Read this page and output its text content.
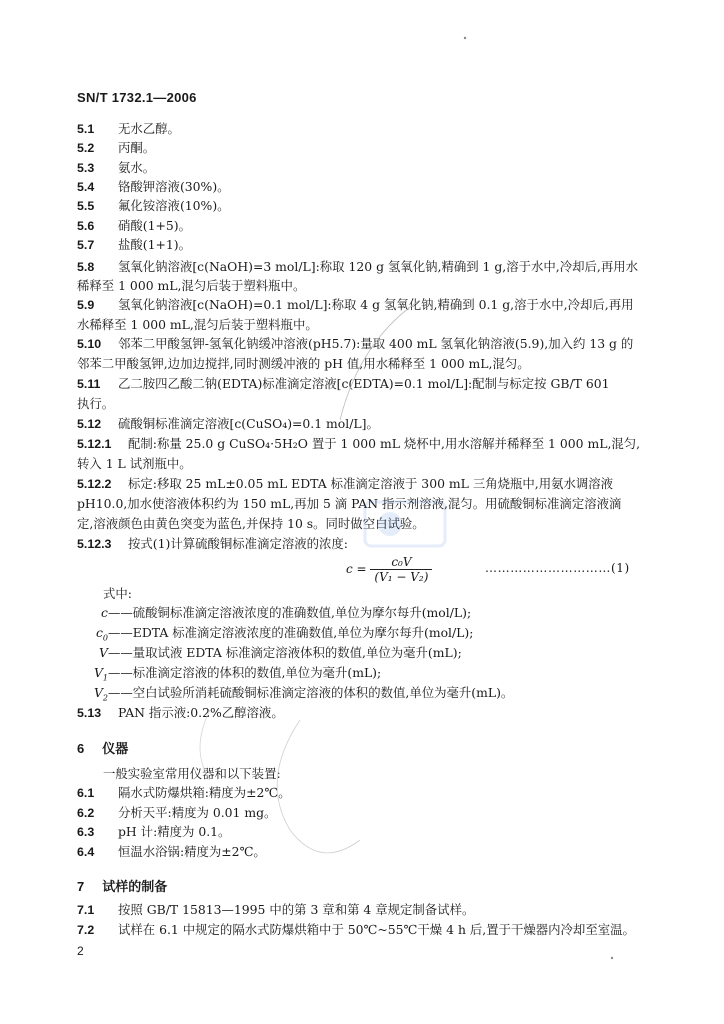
SN/T 1732.1—2006
5.1 无水乙醇。
5.2 丙酮。
5.3 氨水。
5.4 铬酸钾溶液(30%)。
5.5 氟化铵溶液(10%)。
5.6 硝酸(1+5)。
5.7 盐酸(1+1)。
5.8 氢氧化钠溶液[c(NaOH)=3 mol/L]:称取 120 g 氢氧化钠,精确到 1 g,溶于水中,冷却后,再用水
稀释至 1 000 mL,混匀后装于塑料瓶中。
5.9 氢氧化钠溶液[c(NaOH)=0.1 mol/L]:称取 4 g 氢氧化钠,精确到 0.1 g,溶于水中,冷却后,再用
水稀释至 1 000 mL,混匀后装于塑料瓶中。
5.10 邻苯二甲酸氢钾-氢氧化钠缓冲溶液(pH5.7):量取 400 mL 氢氧化钠溶液(5.9),加入约 13 g 的
邻苯二甲酸氢钾,边加边搅拌,同时测缓冲液的 pH 值,用水稀释至 1 000 mL,混匀。
5.11 乙二胺四乙酸二钠(EDTA)标准滴定溶液[c(EDTA)=0.1 mol/L]:配制与标定按 GB/T 601
执行。
5.12 硫酸铜标准滴定溶液[c(CuSO₄)=0.1 mol/L]。
5.12.1 配制:称量 25.0 g CuSO₄·5H₂O 置于 1 000 mL 烧杯中,用水溶解并稀释至 1 000 mL,混匀,
转入 1 L 试剂瓶中。
5.12.2 标定:移取 25 mL±0.05 mL EDTA 标准滴定溶液于 300 mL 三角烧瓶中,用氨水调溶液
pH10.0,加水使溶液体积约为 150 mL,再加 5 滴 PAN 指示剂溶液,混匀。用硫酸铜标准滴定溶液滴
定,溶液颜色由黄色突变为蓝色,并保持 10 s。同时做空白试验。
5.12.3 按式(1)计算硫酸铜标准滴定溶液的浓度:
$c = \frac{\text{c₀V}}{\text{(V₁ − V₂)}}$	…………………………(1)
式中:
c——硫酸铜标准滴定溶液浓度的准确数值,单位为摩尔每升(mol/L);
$c_0——EDTA$ 标准滴定溶液浓度的准确数值,单位为摩尔每升(mol/L);
V——量取试液 EDTA 标准滴定溶液体积的数值,单位为毫升(mL);
$V_1——$标准滴定溶液的体积的数值,单位为毫升(mL);
$V_2——$空白试验所消耗硫酸铜标准滴定溶液的体积的数值,单位为毫升(mL)。
5.13 PAN 指示液:0.2%乙醇溶液。
6 仪器
一般实验室常用仪器和以下装置:
6.1 隔水式防爆烘箱:精度为±2℃。
6.2 分析天平:精度为 0.01 mg。
6.3 pH 计:精度为 0.1。
6.4 恒温水浴锅:精度为±2℃。
7 试样的制备
7.1 按照 GB/T 15813—1995 中的第 3 章和第 4 章规定制备试样。
7.2 试样在 6.1 中规定的隔水式防爆烘箱中于 50℃~55℃干燥 4 h 后,置于干燥器内冷却至室温。
2
